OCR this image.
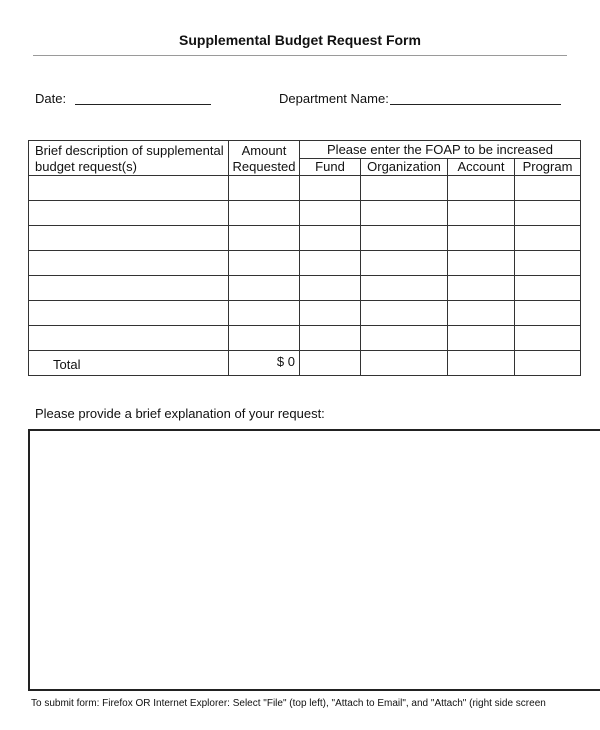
Supplemental Budget Request Form
Date:	Department Name:
Brief description of supplemental budget request(s)	Amount Requested	Please enter the FOAP to be increased			
		Fund	Organization	Account	Program

Total	$ 0				
Please provide a brief explanation of your request:
To submit form: Firefox OR Internet Explorer: Select "File" (top left), "Attach to Email", and "Attach" (right side screen
